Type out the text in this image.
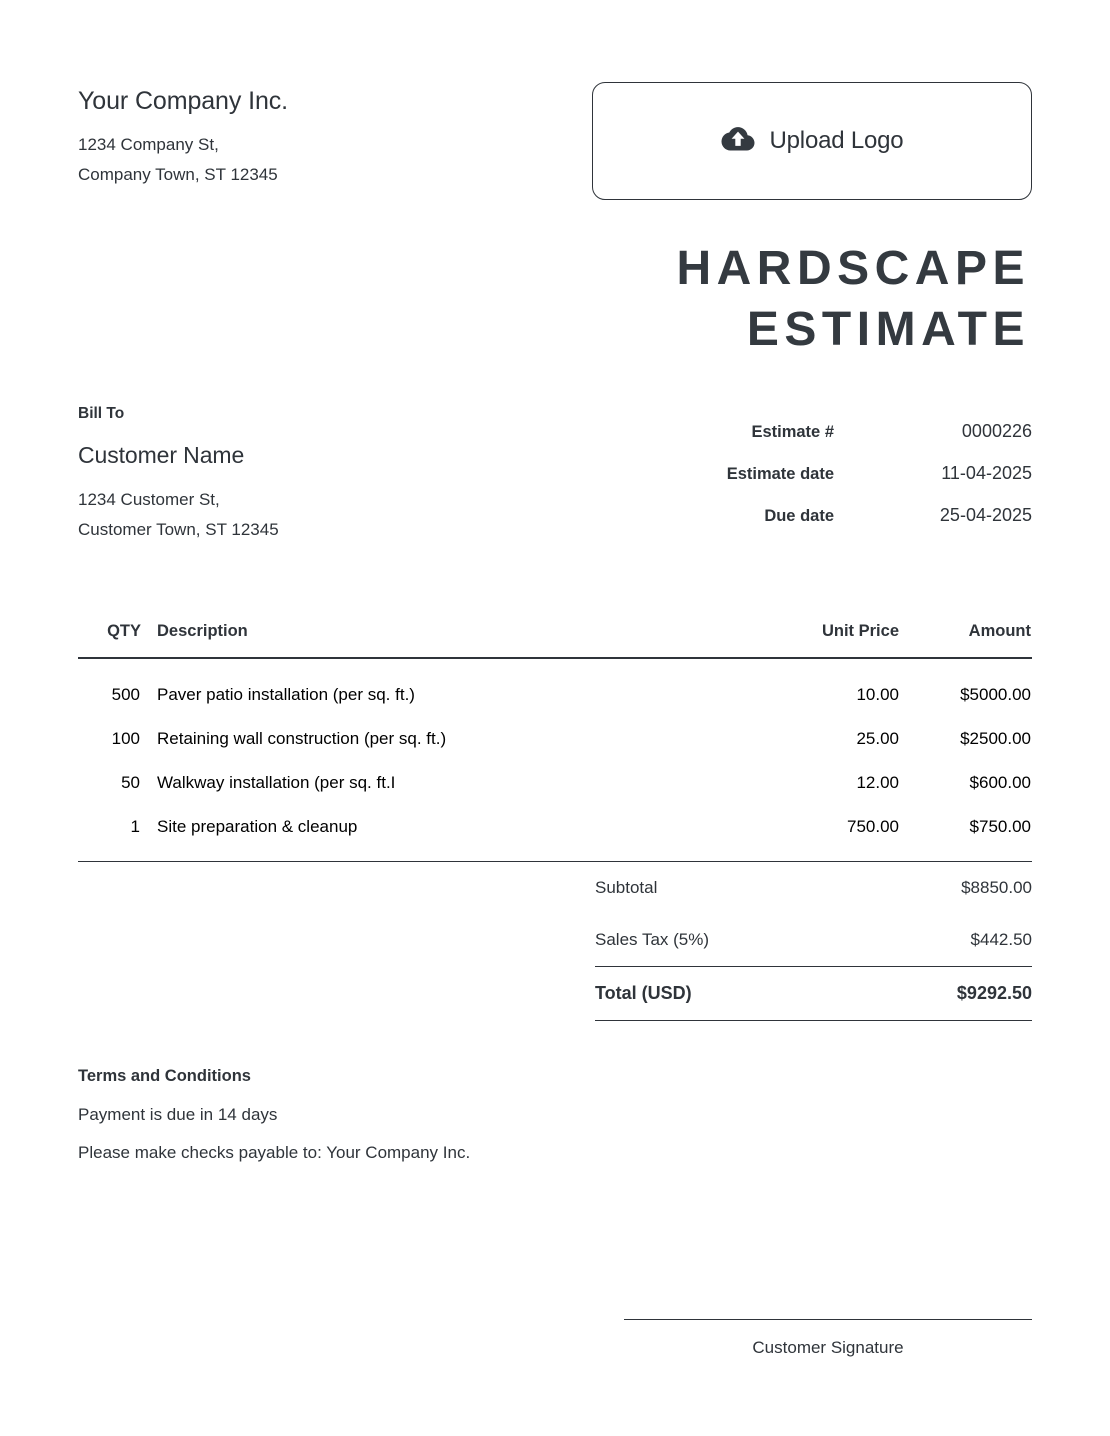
Your Company Inc.
1234 Company St,
Company Town, ST 12345
Upload Logo
HARDSCAPE
ESTIMATE
Bill To
Customer Name
1234 Customer St,
Customer Town, ST 12345
Estimate #	0000226
Estimate date	11-04-2025
Due date	25-04-2025
QTY	Description	Unit Price	Amount
500	Paver patio installation (per sq. ft.)	10.00	$5000.00
100	Retaining wall construction (per sq. ft.)	25.00	$2500.00
50	Walkway installation (per sq. ft.I	12.00	$600.00
1	Site preparation & cleanup	750.00	$750.00
Subtotal	$8850.00
Sales Tax (5%)	$442.50
Total (USD)	$9292.50
Terms and Conditions
Payment is due in 14 days
Please make checks payable to: Your Company Inc.
Customer Signature
